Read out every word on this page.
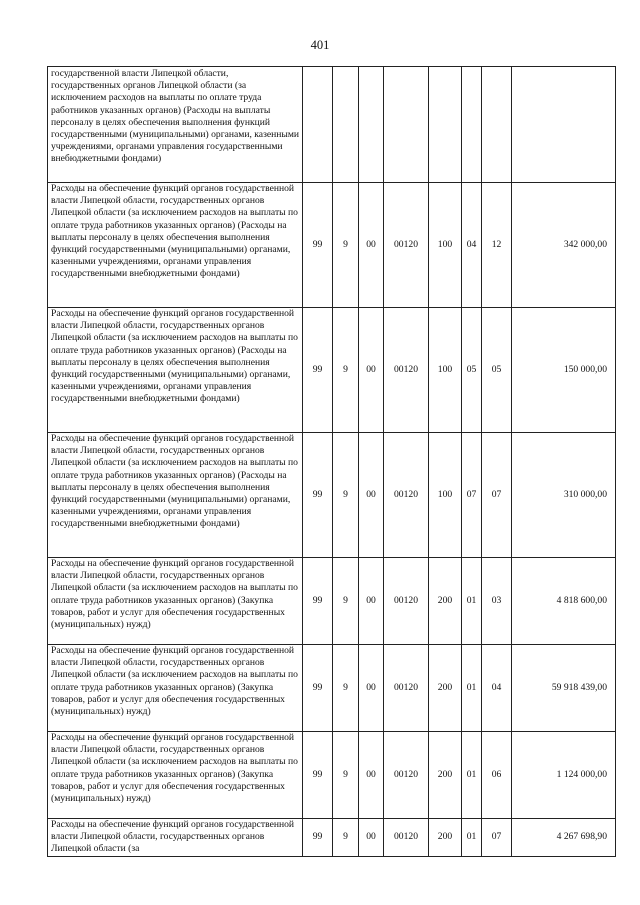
401
государственной власти Липецкой области, государственных органов Липецкой области (за исключением расходов на выплаты по оплате труда работников указанных органов) (Расходы на выплаты персоналу в целях обеспечения выполнения функций государственными (муниципальными) органами, казенными учреждениями, органами управления государственными внебюджетными фондами)								
Расходы на обеспечение функций органов государственной власти Липецкой области, государственных органов Липецкой области (за исключением расходов на выплаты по оплате труда работников указанных органов) (Расходы на выплаты персоналу в целях обеспечения выполнения функций государственными (муниципальными) органами, казенными учреждениями, органами управления государственными внебюджетными фондами)	99	9	00	00120	100	04	12	342 000,00
Расходы на обеспечение функций органов государственной власти Липецкой области, государственных органов Липецкой области (за исключением расходов на выплаты по оплате труда работников указанных органов) (Расходы на выплаты персоналу в целях обеспечения выполнения функций государственными (муниципальными) органами, казенными учреждениями, органами управления государственными внебюджетными фондами)	99	9	00	00120	100	05	05	150 000,00
Расходы на обеспечение функций органов государственной власти Липецкой области, государственных органов Липецкой области (за исключением расходов на выплаты по оплате труда работников указанных органов) (Расходы на выплаты персоналу в целях обеспечения выполнения функций государственными (муниципальными) органами, казенными учреждениями, органами управления государственными внебюджетными фондами)	99	9	00	00120	100	07	07	310 000,00
Расходы на обеспечение функций органов государственной власти Липецкой области, государственных органов Липецкой области (за исключением расходов на выплаты по оплате труда работников указанных органов) (Закупка товаров, работ и услуг для обеспечения государственных (муниципальных) нужд)	99	9	00	00120	200	01	03	4 818 600,00
Расходы на обеспечение функций органов государственной власти Липецкой области, государственных органов Липецкой области (за исключением расходов на выплаты по оплате труда работников указанных органов) (Закупка товаров, работ и услуг для обеспечения государственных (муниципальных) нужд)	99	9	00	00120	200	01	04	59 918 439,00
Расходы на обеспечение функций органов государственной власти Липецкой области, государственных органов Липецкой области (за исключением расходов на выплаты по оплате труда работников указанных органов) (Закупка товаров, работ и услуг для обеспечения государственных (муниципальных) нужд)	99	9	00	00120	200	01	06	1 124 000,00
Расходы на обеспечение функций органов государственной власти Липецкой области, государственных органов Липецкой области (за	99	9	00	00120	200	01	07	4 267 698,90
